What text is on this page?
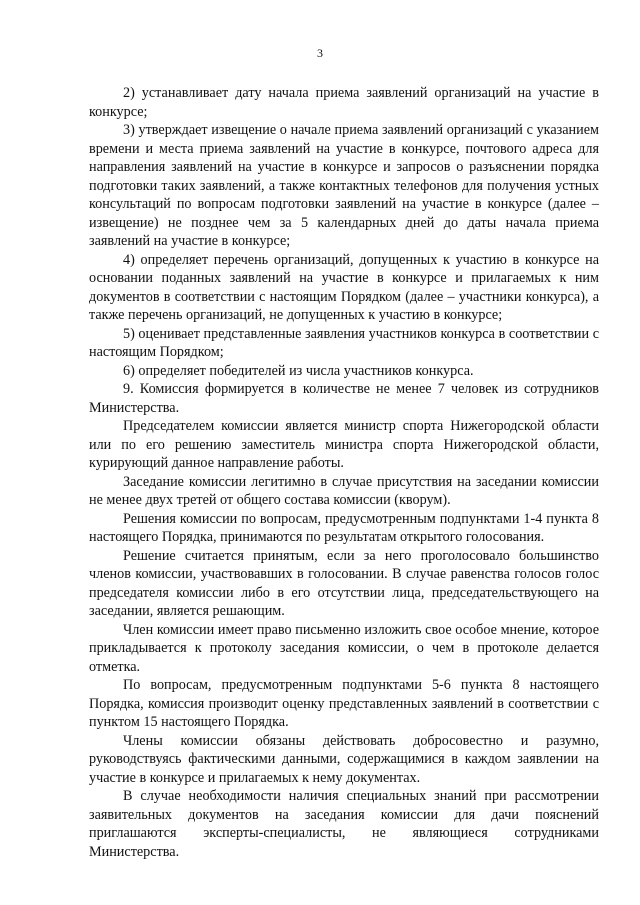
3

2) устанавливает дату начала приема заявлений организаций на участие в конкурсе;

3) утверждает извещение о начале приема заявлений организаций с указанием времени и места приема заявлений на участие в конкурсе, почтового адреса для направления заявлений на участие в конкурсе и запросов о разъяснении порядка подготовки таких заявлений, а также контактных телефонов для получения устных консультаций по вопросам подготовки заявлений на участие в конкурсе (далее – извещение) не позднее чем за 5 календарных дней до даты начала приема заявлений на участие в конкурсе;

4) определяет перечень организаций, допущенных к участию в конкурсе на основании поданных заявлений на участие в конкурсе и прилагаемых к ним документов в соответствии с настоящим Порядком (далее – участники конкурса), а также перечень организаций, не допущенных к участию в конкурсе;

5) оценивает представленные заявления участников конкурса в соответствии с настоящим Порядком;

6) определяет победителей из числа участников конкурса.

9. Комиссия формируется в количестве не менее 7 человек из сотрудников Министерства.

Председателем комиссии является министр спорта Нижегородской области или по его решению заместитель министра спорта Нижегородской области, курирующий данное направление работы.

Заседание комиссии легитимно в случае присутствия на заседании комиссии не менее двух третей от общего состава комиссии (кворум).

Решения комиссии по вопросам, предусмотренным подпунктами 1-4 пункта 8 настоящего Порядка, принимаются по результатам открытого голосования.

Решение считается принятым, если за него проголосовало большинство членов комиссии, участвовавших в голосовании. В случае равенства голосов голос председателя комиссии либо в его отсутствии лица, председательствующего на заседании, является решающим.

Член комиссии имеет право письменно изложить свое особое мнение, которое прикладывается к протоколу заседания комиссии, о чем в протоколе делается отметка.

По вопросам, предусмотренным подпунктами 5-6 пункта 8 настоящего Порядка, комиссия производит оценку представленных заявлений в соответствии с пунктом 15 настоящего Порядка.

Члены комиссии обязаны действовать добросовестно и разумно, руководствуясь фактическими данными, содержащимися в каждом заявлении на участие в конкурсе и прилагаемых к нему документах.

В случае необходимости наличия специальных знаний при рассмотрении заявительных документов на заседания комиссии для дачи пояснений приглашаются эксперты-специалисты, не являющиеся сотрудниками Министерства.
